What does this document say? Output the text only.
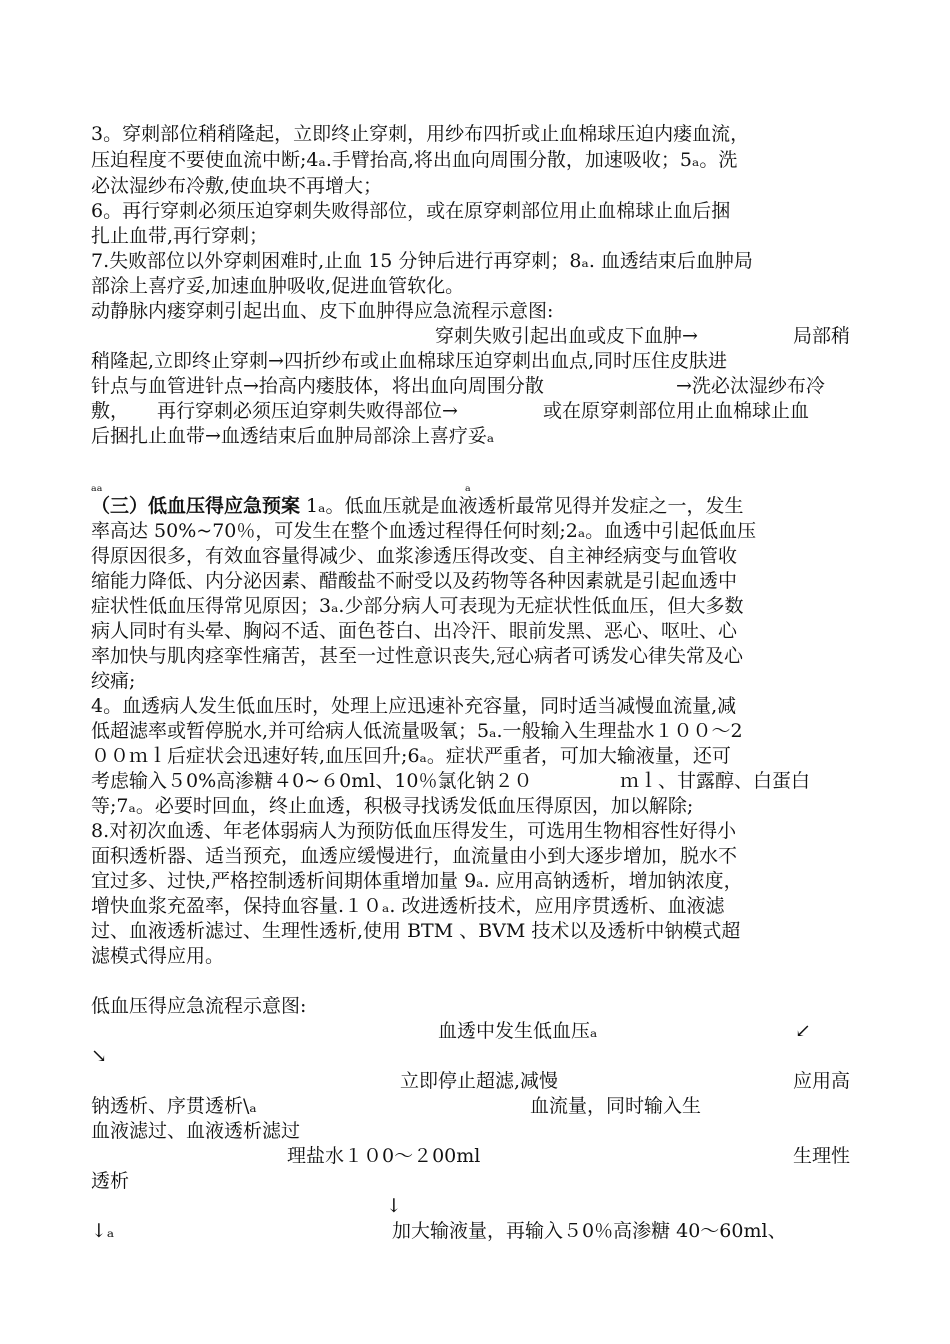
3。穿刺部位稍稍隆起，立即终止穿刺，用纱布四折或止血棉球压迫内瘘血流，
压迫程度不要使血流中断;4ₐ.手臂抬高,将出血向周围分散，加速吸收；5ₐ。洗
必汰湿纱布冷敷,使血块不再增大；
6。再行穿刺必须压迫穿刺失败得部位，或在原穿刺部位用止血棉球止血后捆
扎止血带,再行穿刺；
7.失败部位以外穿刺困难时,止血 15 分钟后进行再穿刺；8ₐ. 血透结束后血肿局
部涂上喜疗妥,加速血肿吸收,促进血管软化。
动静脉内瘘穿刺引起出血、皮下血肿得应急流程示意图:
穿刺失败引起出血或皮下血肿→	局部稍
稍隆起,立即终止穿刺→四折纱布或止血棉球压迫穿刺出血点,同时压住皮肤进
针点与血管进针点→抬高内瘘肢体，将出血向周围分散	→洗必汰湿纱布冷
敷， 再行穿刺必须压迫穿刺失败得部位→	或在原穿刺部位用止血棉球止血
后捆扎止血带→血透结束后血肿局部涂上喜疗妥ₐ
ₐₐ	ₐ
（三）低血压得应急预案 1ₐ。低血压就是血液透析最常见得并发症之一，发生
率高达 50%~70％，可发生在整个血透过程得任何时刻;2ₐ。血透中引起低血压
得原因很多，有效血容量得减少、血浆渗透压得改变、自主神经病变与血管收
缩能力降低、内分泌因素、醋酸盐不耐受以及药物等各种因素就是引起血透中
症状性低血压得常见原因；3ₐ.少部分病人可表现为无症状性低血压，但大多数
病人同时有头晕、胸闷不适、面色苍白、出冷汗、眼前发黑、恶心、呕吐、心
率加快与肌肉痉挛性痛苦，甚至一过性意识丧失,冠心病者可诱发心律失常及心
绞痛;
4。血透病人发生低血压时，处理上应迅速补充容量，同时适当减慢血流量,减
低超滤率或暂停脱水,并可给病人低流量吸氧；5ₐ.一般输入生理盐水１００～2
００ｍｌ后症状会迅速好转,血压回升;6ₐ。症状严重者，可加大输液量，还可
考虑输入５0%高渗糖４0~６0ml、10％氯化钠２０	ｍｌ、甘露醇、白蛋白
等;7ₐ。必要时回血，终止血透，积极寻找诱发低血压得原因，加以解除;
8.对初次血透、年老体弱病人为预防低血压得发生，可选用生物相容性好得小
面积透析器、适当预充，血透应缓慢进行，血流量由小到大逐步增加，脱水不
宜过多、过快,严格控制透析间期体重增加量 9ₐ. 应用高钠透析，增加钠浓度，
增快血浆充盈率，保持血容量.１０ₐ. 改进透析技术，应用序贯透析、血液滤
过、血液透析滤过、生理性透析,使用 BTM 、BVM 技术以及透析中钠模式超
滤模式得应用。
低血压得应急流程示意图:
血透中发生低血压ₐ	↙
↘
立即停止超滤,减慢	应用高
钠透析、序贯透析\ₐ	血流量，同时输入生
血液滤过、血液透析滤过
理盐水１０0～２00ml	生理性
透析
↓
↓ₐ	加大输液量，再输入５0％高渗糖 40～60ml、
